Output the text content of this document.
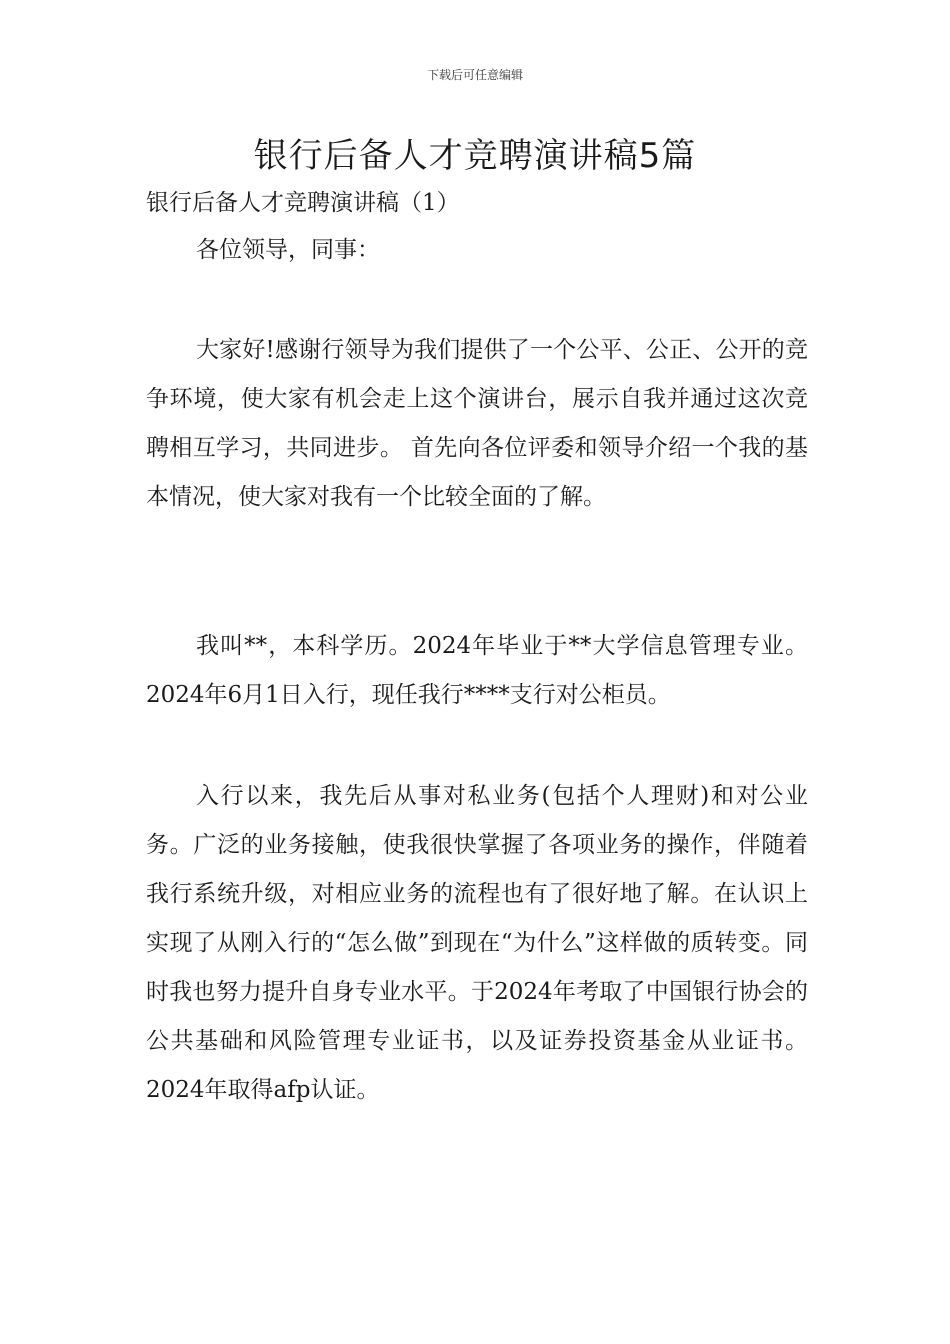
下载后可任意编辑
银行后备人才竞聘演讲稿5篇
银行后备人才竞聘演讲稿（1）

各位领导，同事：

大家好!感谢行领导为我们提供了一个公平、公正、公开的竞争环境，使大家有机会走上这个演讲台，展示自我并通过这次竞聘相互学习，共同进步。 首先向各位评委和领导介绍一个我的基本情况，使大家对我有一个比较全面的了解。

我叫**，本科学历。2024年毕业于**大学信息管理专业。2024年6月1日入行，现任我行****支行对公柜员。

入行以来，我先后从事对私业务(包括个人理财)和对公业务。广泛的业务接触，使我很快掌握了各项业务的操作，伴随着我行系统升级，对相应业务的流程也有了很好地了解。在认识上实现了从刚入行的“怎么做”到现在“为什么”这样做的质转变。同时我也努力提升自身专业水平。于2024年考取了中国银行协会的公共基础和风险管理专业证书，以及证券投资基金从业证书。2024年取得afp认证。
